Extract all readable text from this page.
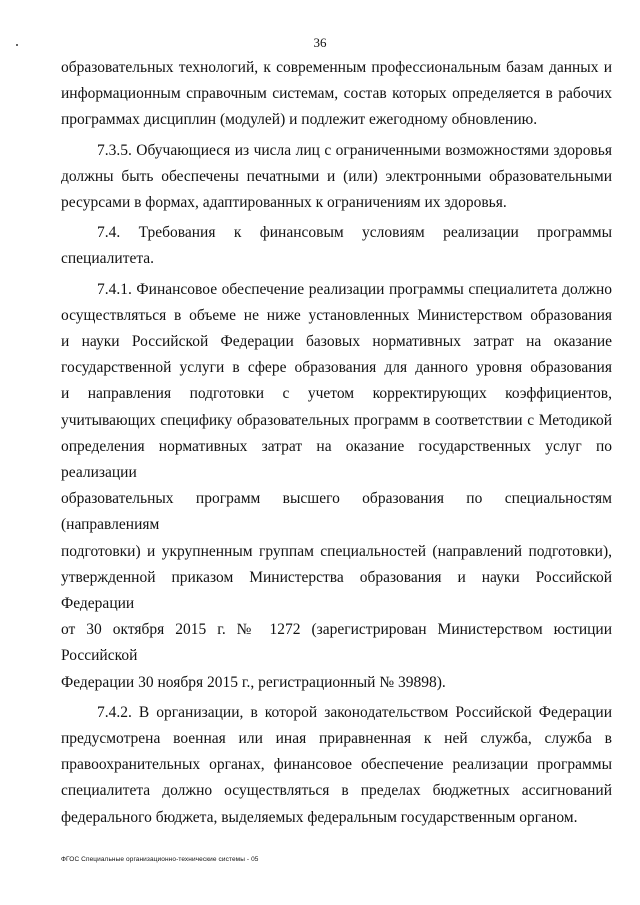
36
образовательных технологий, к современным профессиональным базам данных и
информационным справочным системам, состав которых определяется в рабочих
программах дисциплин (модулей) и подлежит ежегодному обновлению.
7.3.5. Обучающиеся из числа лиц с ограниченными возможностями здоровья
должны быть обеспечены печатными и (или) электронными образовательными
ресурсами в формах, адаптированных к ограничениям их здоровья.
7.4. Требования к финансовым условиям реализации программы специалитета.
7.4.1. Финансовое обеспечение реализации программы специалитета должно
осуществляться в объеме не ниже установленных Министерством образования
и науки Российской Федерации базовых нормативных затрат на оказание
государственной услуги в сфере образования для данного уровня образования
и направления подготовки с учетом корректирующих коэффициентов,
учитывающих специфику образовательных программ в соответствии с Методикой
определения нормативных затрат на оказание государственных услуг по реализации
образовательных программ высшего образования по специальностям (направлениям
подготовки) и укрупненным группам специальностей (направлений подготовки),
утвержденной приказом Министерства образования и науки Российской Федерации
от 30 октября 2015 г. № 1272 (зарегистрирован Министерством юстиции Российской
Федерации 30 ноября 2015 г., регистрационный № 39898).
7.4.2. В организации, в которой законодательством Российской Федерации
предусмотрена военная или иная приравненная к ней служба, служба в
правоохранительных органах, финансовое обеспечение реализации программы
специалитета должно осуществляться в пределах бюджетных ассигнований
федерального бюджета, выделяемых федеральным государственным органом.
ФГОС Специальные организационно-технические системы - 05
